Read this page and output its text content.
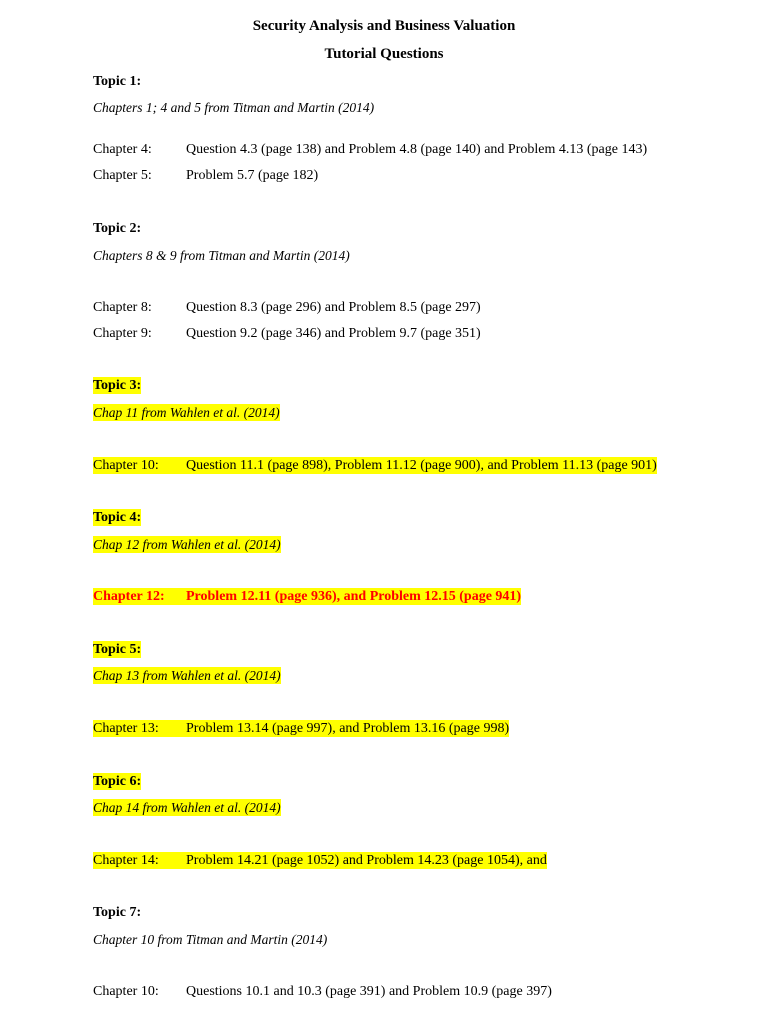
Security Analysis and Business Valuation
Tutorial Questions
Topic 1:
Chapters 1; 4 and 5 from Titman and Martin (2014)
Chapter 4: Question 4.3 (page 138) and Problem 4.8 (page 140) and Problem 4.13 (page 143)
Chapter 5: Problem 5.7 (page 182)
Topic 2:
Chapters 8 & 9 from Titman and Martin (2014)
Chapter 8: Question 8.3 (page 296) and Problem 8.5 (page 297)
Chapter 9: Question 9.2 (page 346) and Problem 9.7 (page 351)
Topic 3:
Chap 11 from Wahlen et al. (2014)
Chapter 10: Question 11.1 (page 898), Problem 11.12 (page 900), and Problem 11.13 (page 901)
Topic 4:
Chap 12 from Wahlen et al. (2014)
Chapter 12: Problem 12.11 (page 936), and Problem 12.15 (page 941)
Topic 5:
Chap 13 from Wahlen et al. (2014)
Chapter 13: Problem 13.14 (page 997), and Problem 13.16 (page 998)
Topic 6:
Chap 14 from Wahlen et al. (2014)
Chapter 14: Problem 14.21 (page 1052) and Problem 14.23 (page 1054), and
Topic 7:
Chapter 10 from Titman and Martin (2014)
Chapter 10: Questions 10.1 and 10.3 (page 391) and Problem 10.9 (page 397)
